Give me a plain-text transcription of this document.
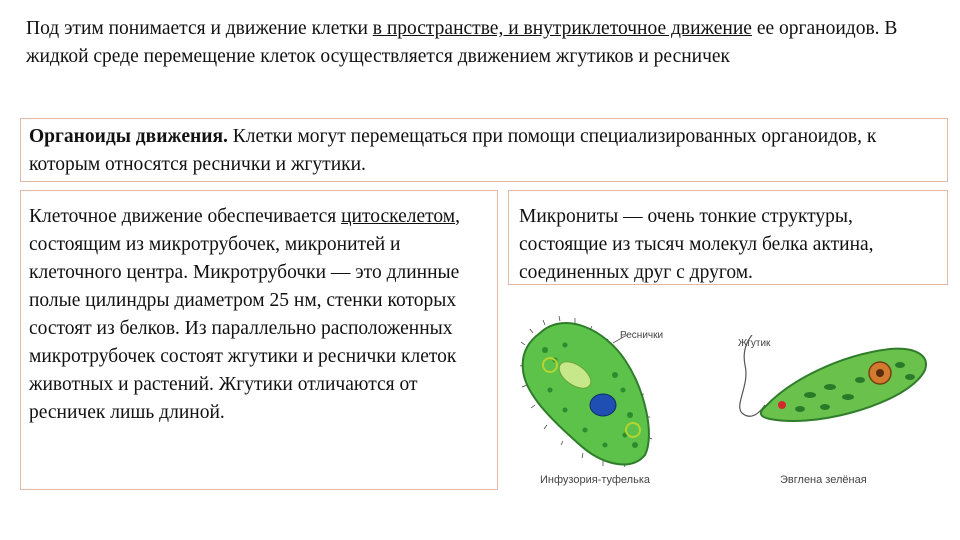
Под этим понимается и движение клетки в пространстве, и внутриклеточное движение ее органоидов. В жидкой среде перемещение клеток осуществляется движением жгутиков и ресничек
Органоиды движения. Клетки могут перемещаться при помощи специализированных органоидов, к которым относятся реснички и жгутики.
Клеточное движение обеспечивается цитоскелетом, состоящим из микротрубочек, микронитей и клеточного центра. Микротрубочки — это длинные полые цилиндры диаметром 25 нм, стенки которых состоят из белков. Из параллельно расположенных микротрубочек состоят жгутики и реснички клеток животных и растений. Жгутики отличаются от ресничек лишь длиной.
Микрониты — очень тонкие структуры, состоящие из тысяч молекул белка актина, соединенных друг с другом.
Реснички
Инфузория-туфелька
Жгутик
Эвглена зелёная
